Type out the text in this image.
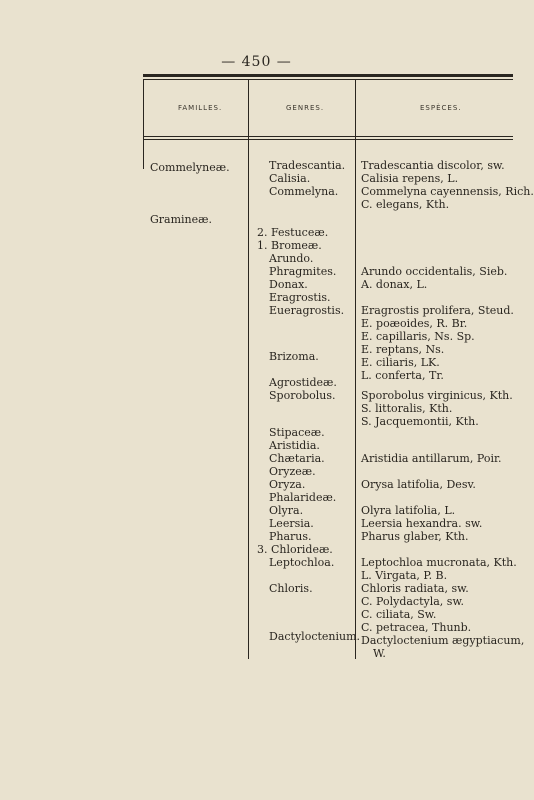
— 450 —
FAMILLES.	GENRES.	ESPÈCES.
Commelyneæ.
Gramineæ.
Tradescantia.
Calisia.
Commelyna.
2. Festuceæ.
1. Bromeæ.
Arundo.
Phragmites.
Donax.
Eragrostis.
Eueragrostis.
Brizoma.
Agrostideæ.
Sporobolus.
Stipaceæ.
Aristidia.
Chætaria.
Oryzeæ.
Oryza.
Phalarideæ.
Olyra.
Leersia.
Pharus.
3. Chlorideæ.
Leptochloa.
Chloris.
Dactyloctenium.
Tradescantia discolor, sw.
Calisia repens, L.
Commelyna cayennensis, Rich.
C. elegans, Kth.
Arundo occidentalis, Sieb.
A. donax, L.
Eragrostis prolifera, Steud.
E. poæoides, R. Br.
E. capillaris, Ns. Sp.
E. reptans, Ns.
E. ciliaris, LK.
L. conferta, Tr.
Sporobolus virginicus, Kth.
S. littoralis, Kth.
S. Jacquemontii, Kth.
Aristidia antillarum, Poir.
Orysa latifolia, Desv.
Olyra latifolia, L.
Leersia hexandra. sw.
Pharus glaber, Kth.
Leptochloa mucronata, Kth.
L. Virgata, P. B.
Chloris radiata, sw.
C. Polydactyla, sw.
C. ciliata, Sw.
C. petracea, Thunb.
Dactyloctenium ægyptiacum,
W.
